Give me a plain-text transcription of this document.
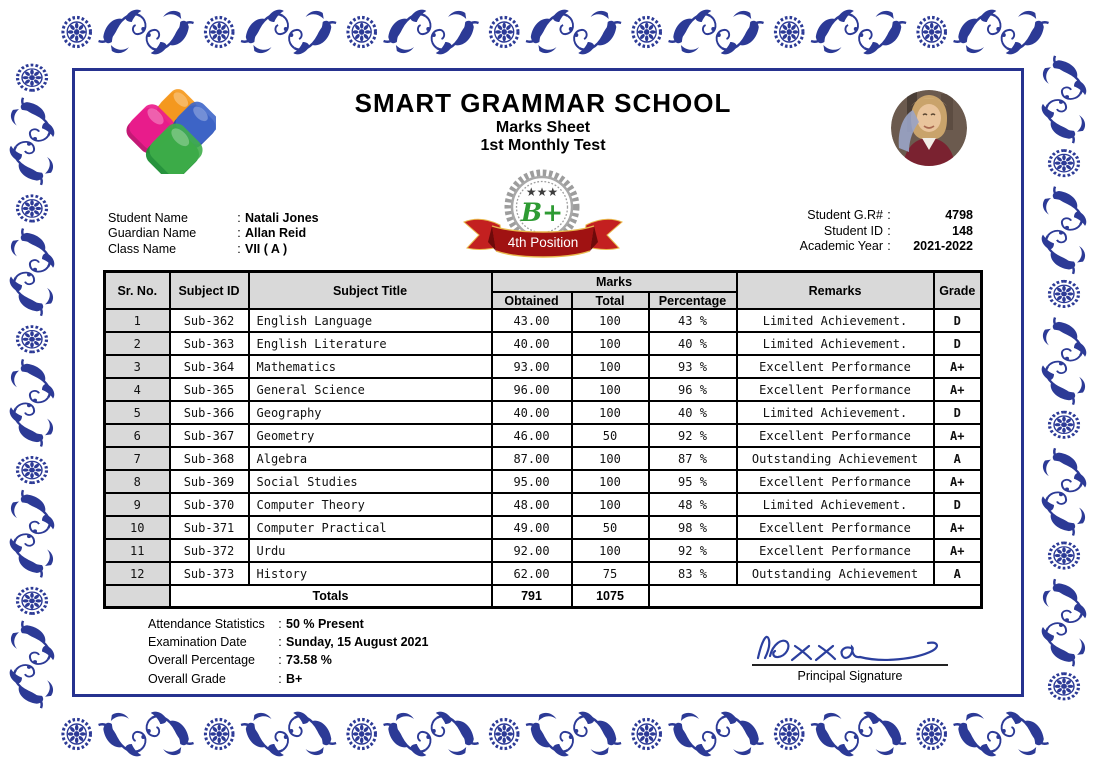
SMART GRAMMAR SCHOOL
Marks Sheet
1st Monthly Test
★★★
B+
4th Position
Student Name	: Natali Jones
Guardian Name	: Allan Reid
Class Name	: VII ( A )
Student G.R# :	4798
Student ID :	148
Academic Year :	2021-2022
Sr. No.	Subject ID	Subject Title	Marks			Remarks	Grade
			Obtained	Total	Percentage		
1	Sub-362	English Language	43.00	100	43 %	Limited Achievement.	D
2	Sub-363	English Literature	40.00	100	40 %	Limited Achievement.	D
3	Sub-364	Mathematics	93.00	100	93 %	Excellent Performance	A+
4	Sub-365	General Science	96.00	100	96 %	Excellent Performance	A+
5	Sub-366	Geography	40.00	100	40 %	Limited Achievement.	D
6	Sub-367	Geometry	46.00	50	92 %	Excellent Performance	A+
7	Sub-368	Algebra	87.00	100	87 %	Outstanding Achievement	A
8	Sub-369	Social Studies	95.00	100	95 %	Excellent Performance	A+
9	Sub-370	Computer Theory	48.00	100	48 %	Limited Achievement.	D
10	Sub-371	Computer Practical	49.00	50	98 %	Excellent Performance	A+
11	Sub-372	Urdu	92.00	100	92 %	Excellent Performance	A+
12	Sub-373	History	62.00	75	83 %	Outstanding Achievement	A
	Totals		791	1075			
Attendance Statistics	: 50 % Present
Examination Date	: Sunday, 15 August 2021
Overall Percentage	: 73.58 %
Overall Grade	: B+	Principal Signature
